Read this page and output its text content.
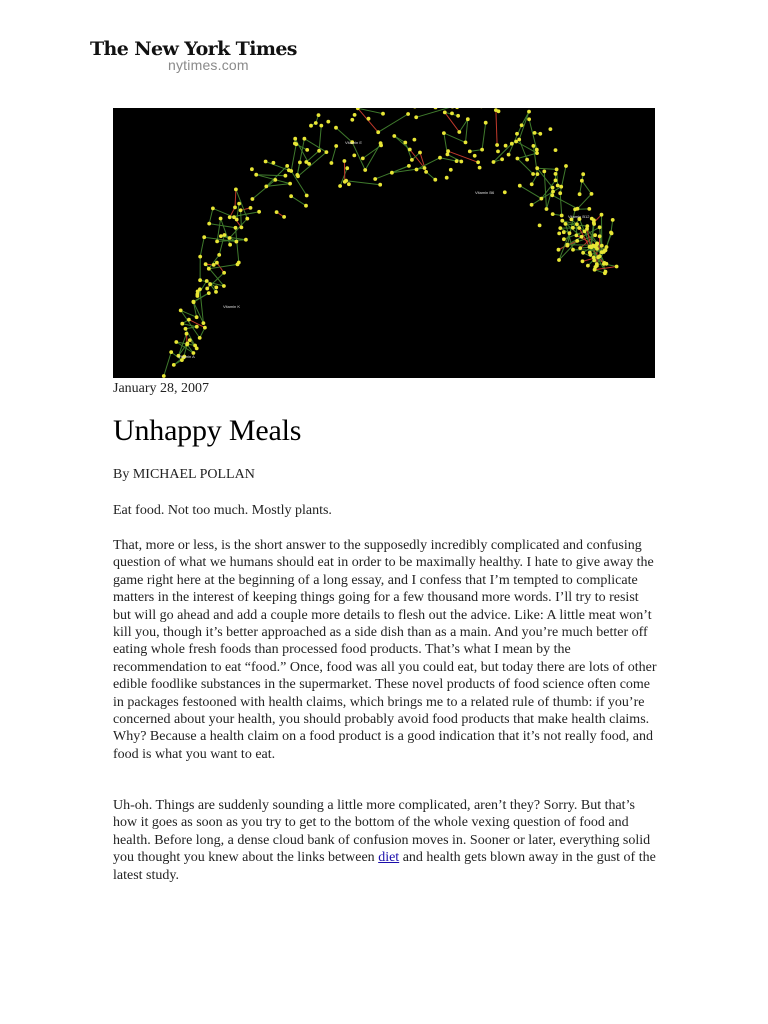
The New York Times
nytimes.com
Vitamin E
Vitamin B6
Vitamin B12
Vitamin K
Vitamin A
January 28, 2007
Unhappy Meals
By MICHAEL POLLAN

Eat food. Not too much. Mostly plants.

That, more or less, is the short answer to the supposedly incredibly complicated and confusing question of what we humans should eat in order to be maximally healthy. I hate to give away the game right here at the beginning of a long essay, and I confess that I’m tempted to complicate matters in the interest of keeping things going for a few thousand more words. I’ll try to resist but will go ahead and add a couple more details to flesh out the advice. Like: A little meat won’t kill you, though it’s better approached as a side dish than as a main. And you’re much better off eating whole fresh foods than processed food products. That’s what I mean by the recommendation to eat “food.” Once, food was all you could eat, but today there are lots of other edible foodlike substances in the supermarket. These novel products of food science often come in packages festooned with health claims, which brings me to a related rule of thumb: if you’re concerned about your health, you should probably avoid food products that make health claims. Why? Because a health claim on a food product is a good indication that it’s not really food, and food is what you want to eat.

Uh-oh. Things are suddenly sounding a little more complicated, aren’t they? Sorry. But that’s how it goes as soon as you try to get to the bottom of the whole vexing question of food and health. Before long, a dense cloud bank of confusion moves in. Sooner or later, everything solid you thought you knew about the links between diet and health gets blown away in the gust of the latest study.
